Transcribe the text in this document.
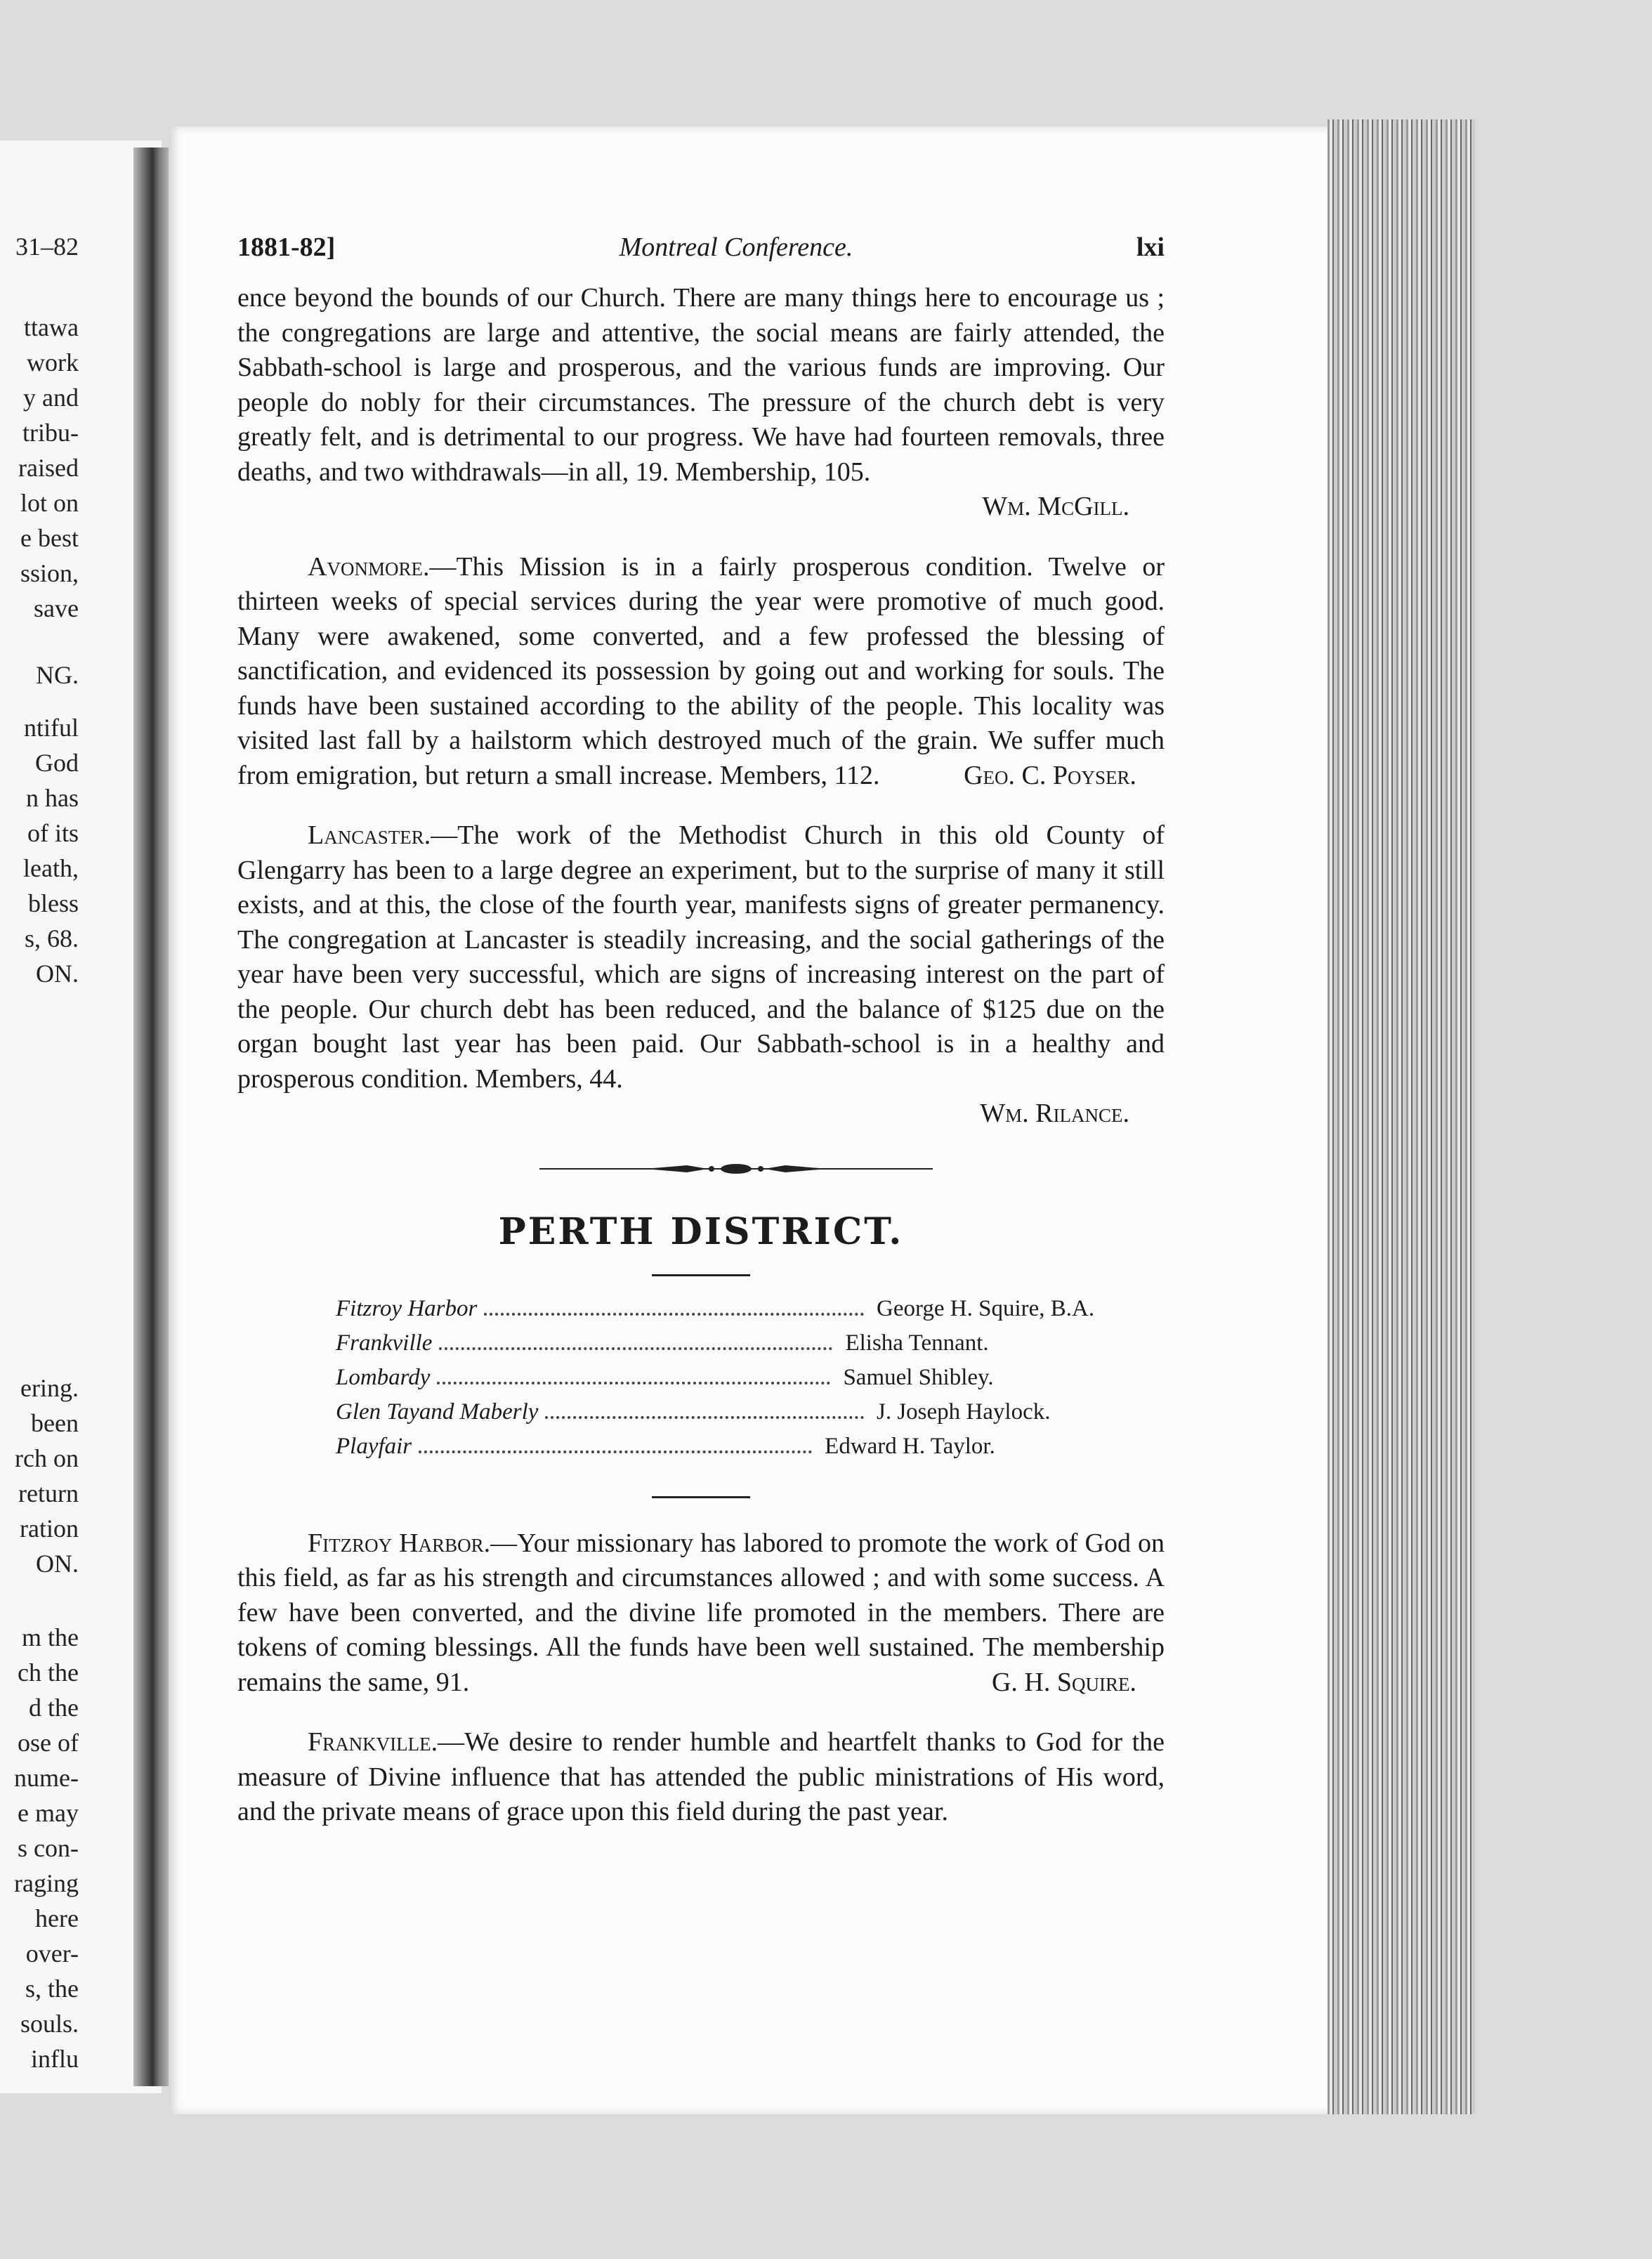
31–82
ttawa
work
y and
tribu-
raised
lot on
e best
ssion,
save
NG.
ntiful
God
n has
of its
leath,
bless
s, 68.
ON.
ering.
been
rch on
return
ration
ON.
m the
ch the
d the
ose of
nume-
e may
s con-
raging
here
over-
s, the
souls.
influ
1881-82]	Montreal Conference.	lxi

ence beyond the bounds of our Church. There are many things here to encourage us ; the congregations are large and attentive, the social means are fairly attended, the Sabbath-school is large and prosperous, and the various funds are improving. Our people do nobly for their circumstances. The pressure of the church debt is very greatly felt, and is detrimental to our progress. We have had fourteen removals, three deaths, and two withdrawals—in all, 19. Membership, 105.

Wm. McGill.

Avonmore.—This Mission is in a fairly prosperous condition. Twelve or thirteen weeks of special services during the year were promotive of much good. Many were awakened, some converted, and a few professed the blessing of sanctification, and evidenced its possession by going out and working for souls. The funds have been sustained according to the ability of the people. This locality was visited last fall by a hailstorm which destroyed much of the grain. We suffer much from emigration, but return a small increase. Members, 112.	Geo. C. Poyser.

Lancaster.—The work of the Methodist Church in this old County of Glengarry has been to a large degree an experiment, but to the surprise of many it still exists, and at this, the close of the fourth year, manifests signs of greater permanency. The congregation at Lancaster is steadily increasing, and the social gatherings of the year have been very successful, which are signs of increasing interest on the part of the people. Our church debt has been reduced, and the balance of $125 due on the organ bought last year has been paid. Our Sabbath-school is in a healthy and prosperous condition. Members, 44.

Wm. Rilance.
PERTH DISTRICT.
Fitzroy Harbor	George H. Squire, B.A.
Frankville	Elisha Tennant.
Lombardy	Samuel Shibley.
Glen Tayand Maberly	J. Joseph Haylock.
Playfair	Edward H. Taylor.

Fitzroy Harbor.—Your missionary has labored to promote the work of God on this field, as far as his strength and circumstances allowed ; and with some success. A few have been converted, and the divine life promoted in the members. There are tokens of coming blessings. All the funds have been well sustained. The membership remains the same, 91.	G. H. Squire.

Frankville.—We desire to render humble and heartfelt thanks to God for the measure of Divine influence that has attended the public ministrations of His word, and the private means of grace upon this field during the past year.
